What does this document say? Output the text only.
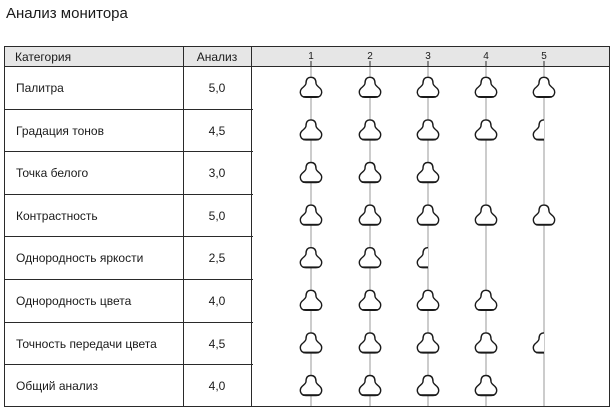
Анализ монитора
Категория	Анализ
Палитра	5,0
Градация тонов	4,5
Точка белого	3,0
Контрастность	5,0
Однородность яркости	2,5
Однородность цвета	4,0
Точность передачи цвета	4,5
Общий анализ	4,0
1	2	3	4	5
